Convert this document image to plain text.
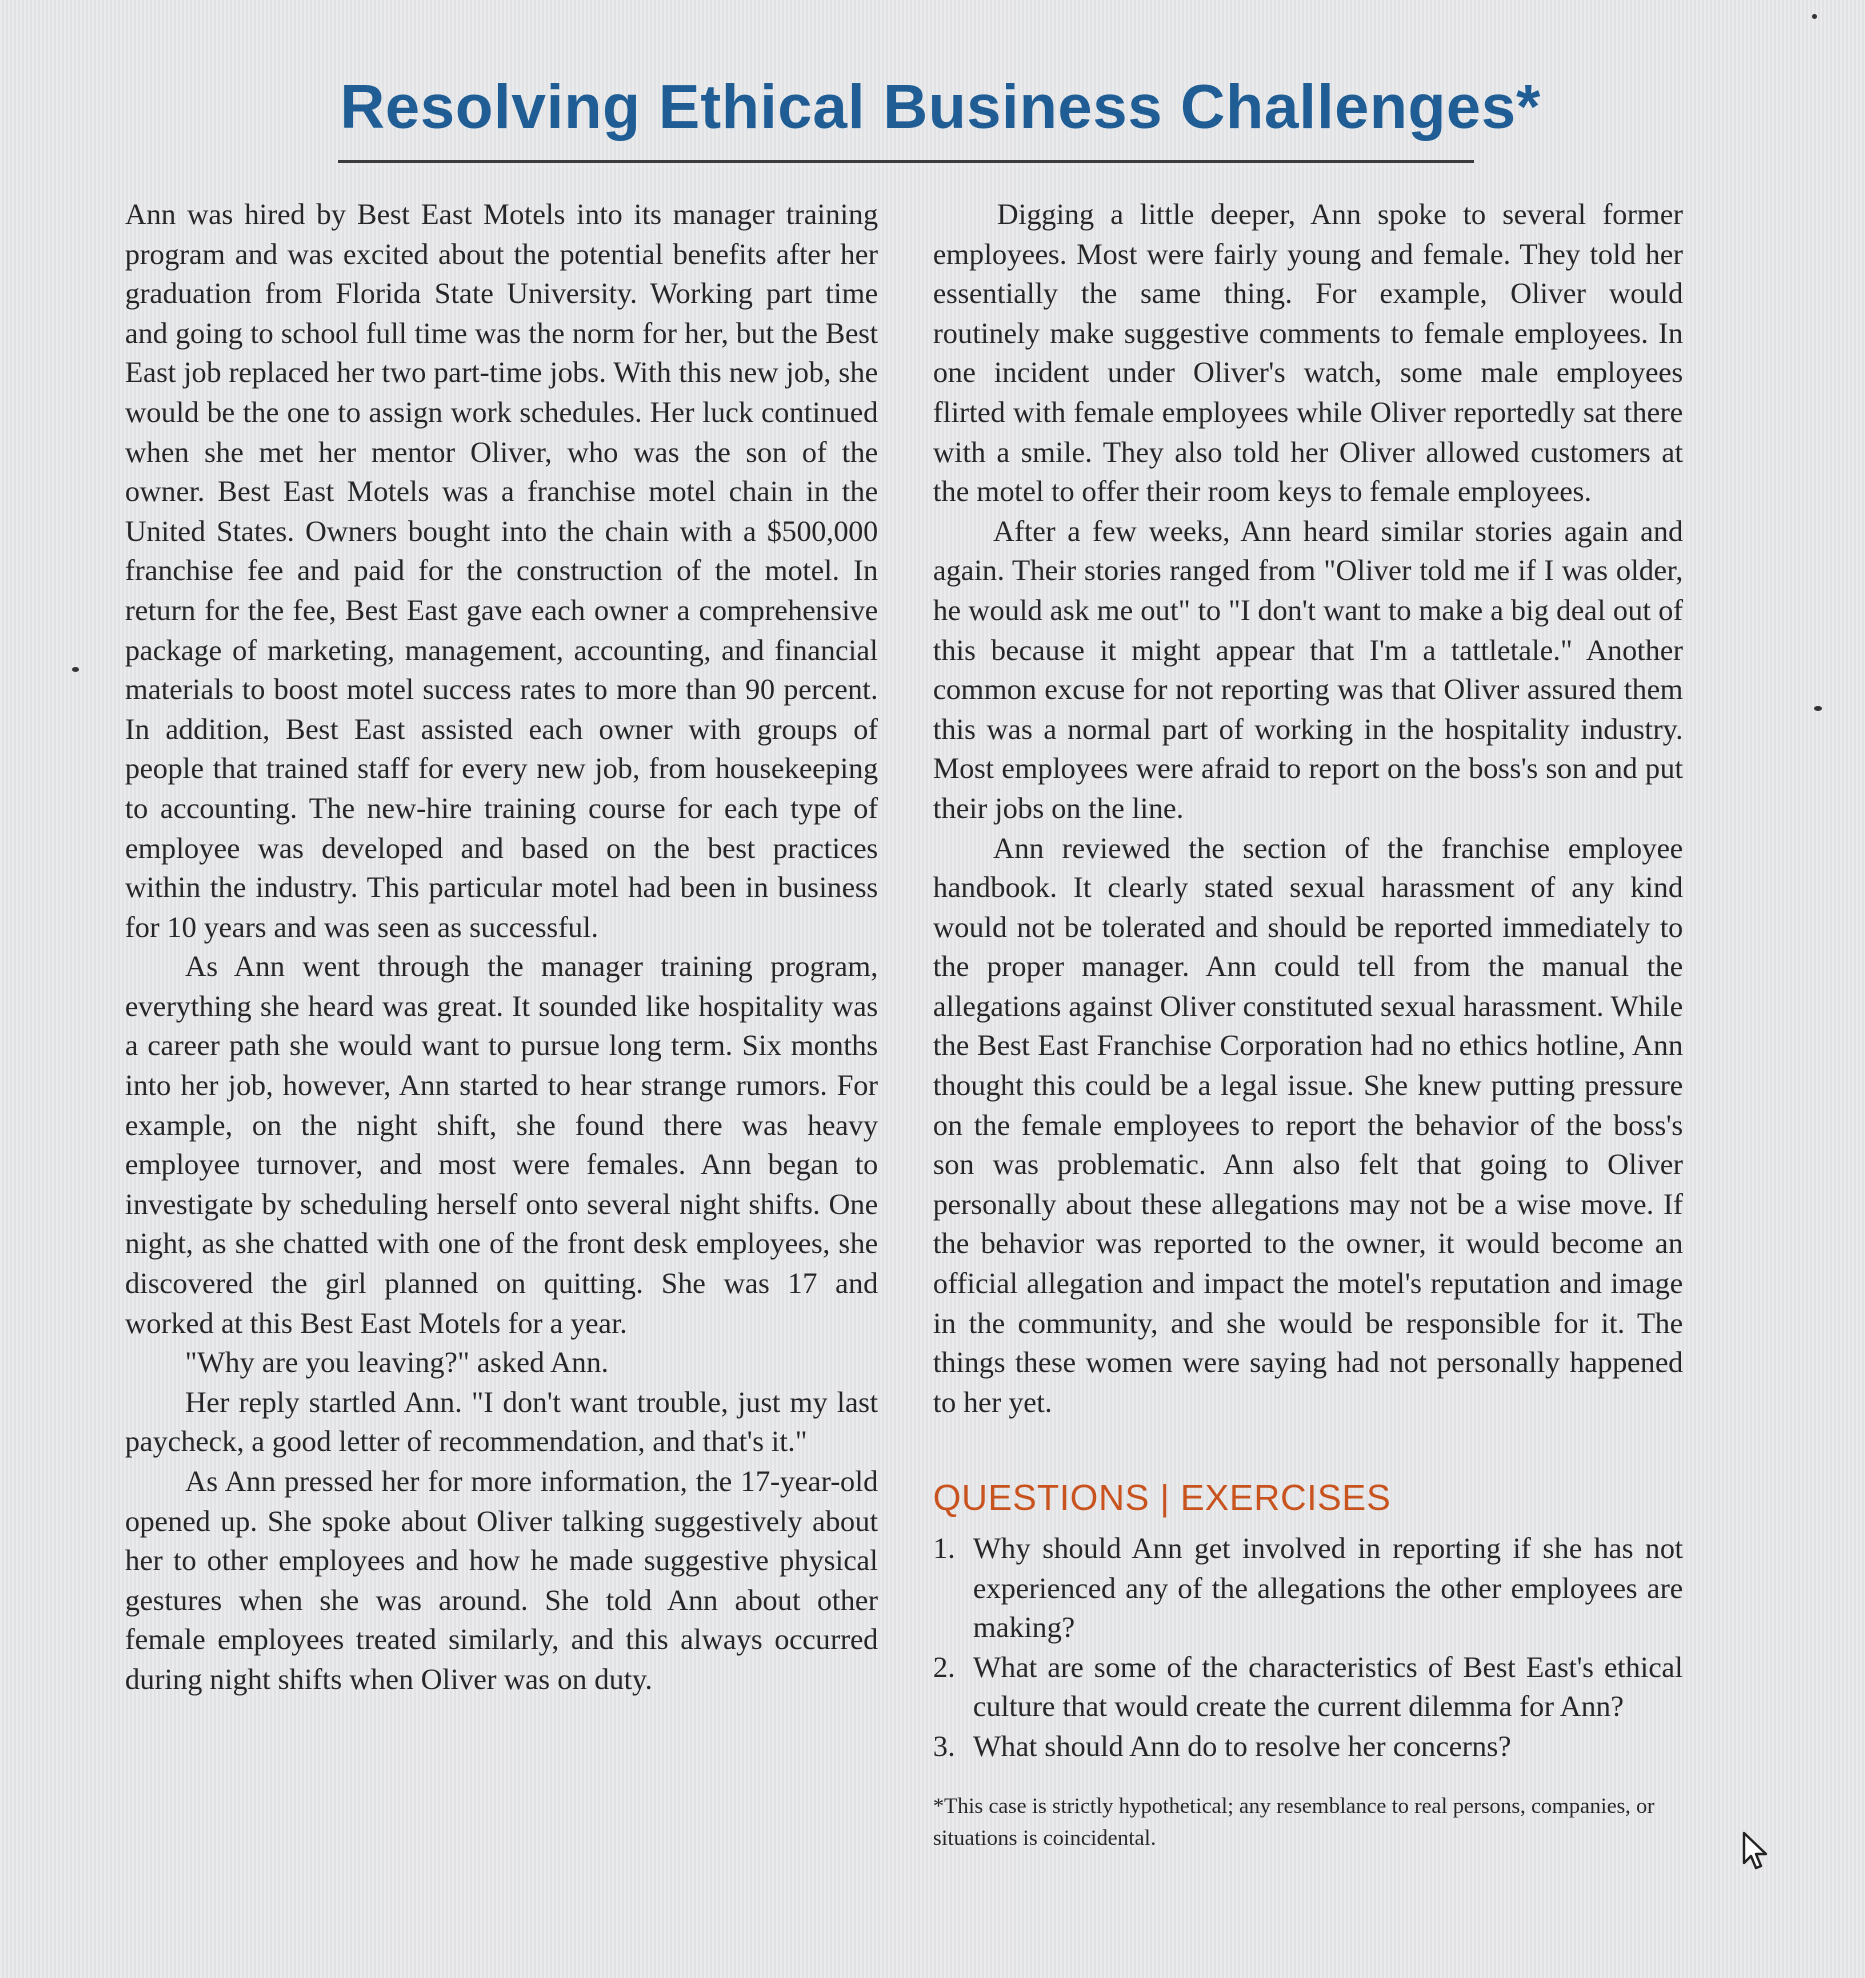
Resolving Ethical Business Challenges*

Ann was hired by Best East Motels into its manager training program and was excited about the potential benefits after her graduation from Florida State University. Working part time and going to school full time was the norm for her, but the Best East job replaced her two part-time jobs. With this new job, she would be the one to assign work schedules. Her luck continued when she met her mentor Oliver, who was the son of the owner. Best East Motels was a franchise motel chain in the United States. Owners bought into the chain with a $500,000 franchise fee and paid for the construction of the motel. In return for the fee, Best East gave each owner a comprehensive package of marketing, management, accounting, and financial materials to boost motel success rates to more than 90 percent. In addition, Best East assisted each owner with groups of people that trained staff for every new job, from housekeeping to accounting. The new-hire training course for each type of employee was developed and based on the best practices within the industry. This particular motel had been in business for 10 years and was seen as successful.

As Ann went through the manager training program, everything she heard was great. It sounded like hospitality was a career path she would want to pursue long term. Six months into her job, however, Ann started to hear strange rumors. For example, on the night shift, she found there was heavy employee turnover, and most were females. Ann began to investigate by scheduling herself onto several night shifts. One night, as she chatted with one of the front desk employees, she discovered the girl planned on quitting. She was 17 and worked at this Best East Motels for a year.

"Why are you leaving?" asked Ann.

Her reply startled Ann. "I don't want trouble, just my last paycheck, a good letter of recommendation, and that's it."

As Ann pressed her for more information, the 17-year-old opened up. She spoke about Oliver talking suggestively about her to other employees and how he made suggestive physical gestures when she was around. She told Ann about other female employees treated similarly, and this always occurred during night shifts when Oliver was on duty.

Digging a little deeper, Ann spoke to several former employees. Most were fairly young and female. They told her essentially the same thing. For example, Oliver would routinely make suggestive comments to female employees. In one incident under Oliver's watch, some male employees flirted with female employees while Oliver reportedly sat there with a smile. They also told her Oliver allowed customers at the motel to offer their room keys to female employees.

After a few weeks, Ann heard similar stories again and again. Their stories ranged from "Oliver told me if I was older, he would ask me out" to "I don't want to make a big deal out of this because it might appear that I'm a tattletale." Another common excuse for not reporting was that Oliver assured them this was a normal part of working in the hospitality industry. Most employees were afraid to report on the boss's son and put their jobs on the line.

Ann reviewed the section of the franchise employee handbook. It clearly stated sexual harassment of any kind would not be tolerated and should be reported immediately to the proper manager. Ann could tell from the manual the allegations against Oliver constituted sexual harassment. While the Best East Franchise Corporation had no ethics hotline, Ann thought this could be a legal issue. She knew putting pressure on the female employees to report the behavior of the boss's son was problematic. Ann also felt that going to Oliver personally about these allegations may not be a wise move. If the behavior was reported to the owner, it would become an official allegation and impact the motel's reputation and image in the community, and she would be responsible for it. The things these women were saying had not personally happened to her yet.

QUESTIONS | EXERCISES
1. Why should Ann get involved in reporting if she has not experienced any of the allegations the other employees are making?
2. What are some of the characteristics of Best East's ethical culture that would create the current dilemma for Ann?
3. What should Ann do to resolve her concerns?

*This case is strictly hypothetical; any resemblance to real persons, companies, or situations is coincidental.
